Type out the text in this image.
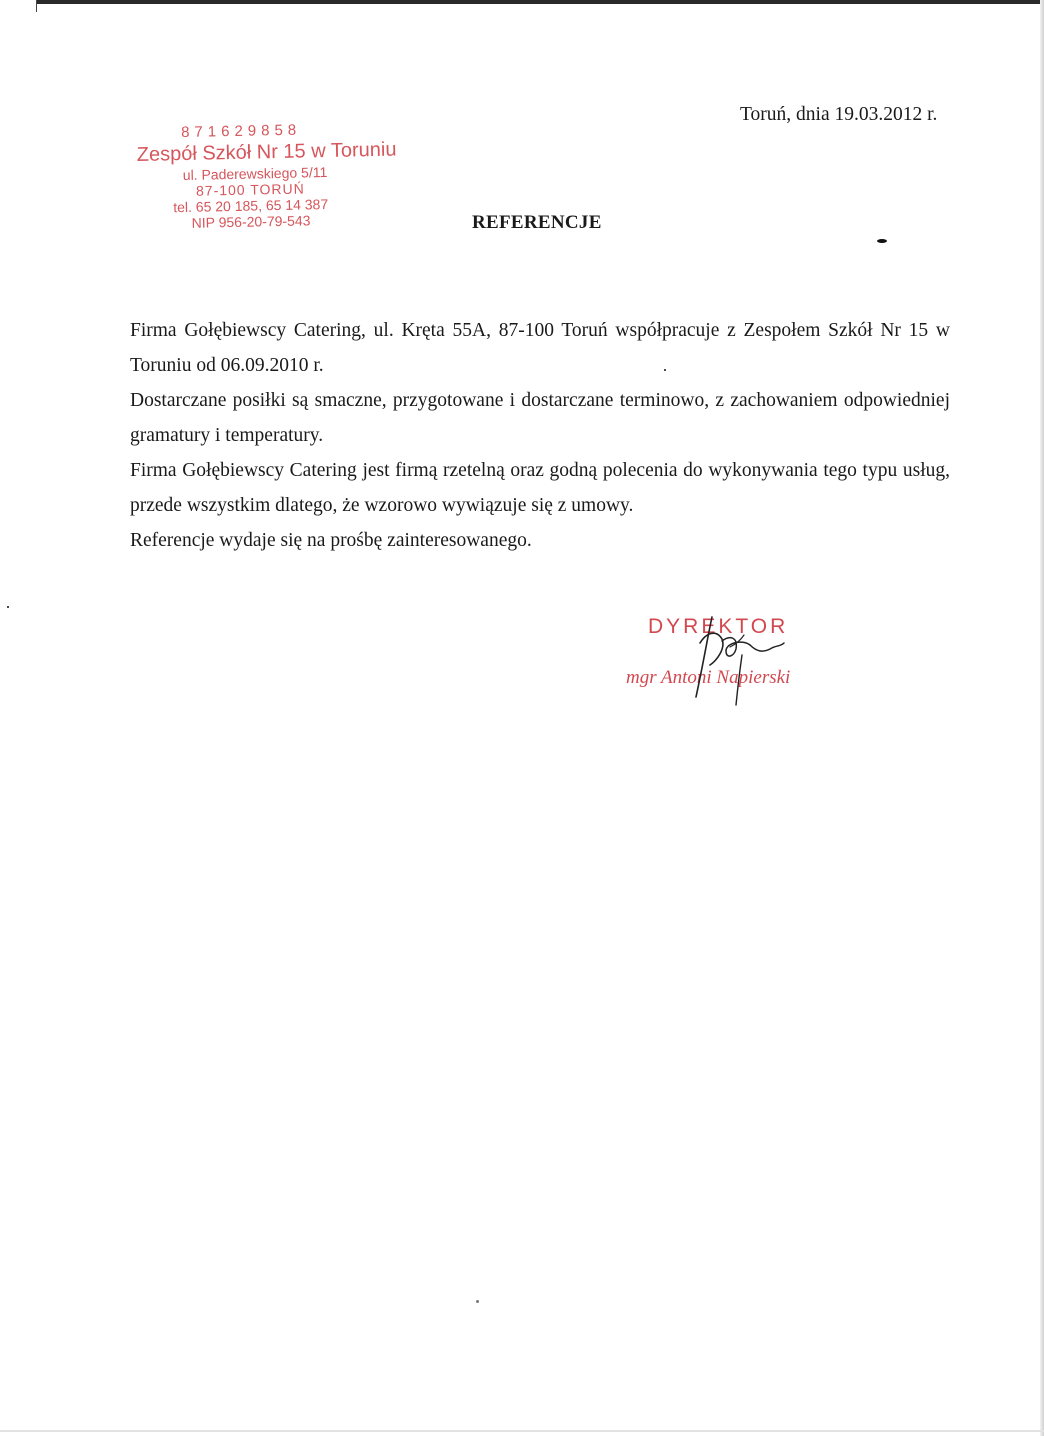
871629858
Zespół Szkół Nr 15 w Toruniu
ul. Paderewskiego 5/11
87-100 TORUŃ
tel. 65 20 185, 65 14 387
NIP 956-20-79-543
Toruń, dnia 19.03.2012 r.
REFERENCJE

Firma Gołębiewscy Catering, ul. Kręta 55A, 87-100 Toruń współpracuje z Zespołem Szkół Nr 15 w Toruniu od 06.09.2010 r.

Dostarczane posiłki są smaczne, przygotowane i dostarczane terminowo, z zachowaniem odpowiedniej gramatury i temperatury.

Firma Gołębiewscy Catering jest firmą rzetelną oraz godną polecenia do wykonywania tego typu usług, przede wszystkim dlatego, że wzorowo wywiązuje się z umowy.

Referencje wydaje się na prośbę zainteresowanego.

DYREKTOR
mgr Antoni Napierski
